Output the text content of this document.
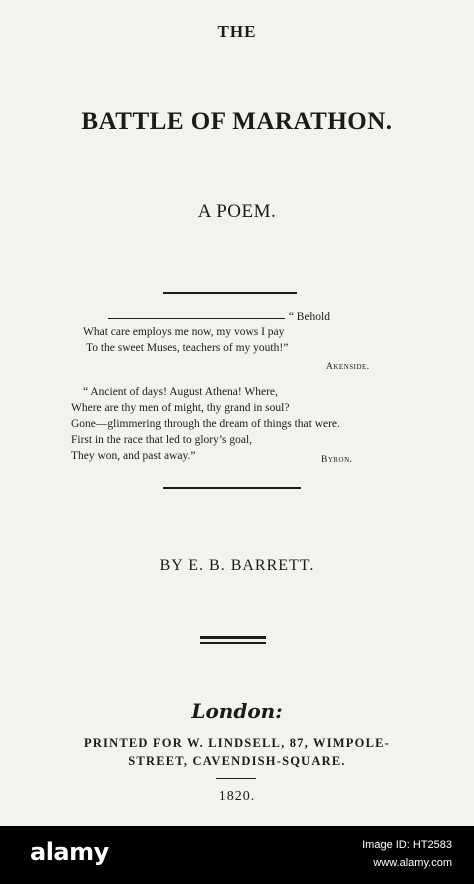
THE
BATTLE OF MARATHON.
A POEM.
“ Behold
What care employs me now, my vows I pay
To the sweet Muses, teachers of my youth!”
Akenside.
“ Ancient of days! August Athena! Where,
Where are thy men of might, thy grand in soul?
Gone—glimmering through the dream of things that were.
First in the race that led to glory’s goal,
They won, and past away.”	Byron.
BY E. B. BARRETT.
London:
PRINTED FOR W. LINDSELL, 87, WIMPOLE-
STREET, CAVENDISH-SQUARE.
1820.
alamy	Image ID: HT2583
www.alamy.com
